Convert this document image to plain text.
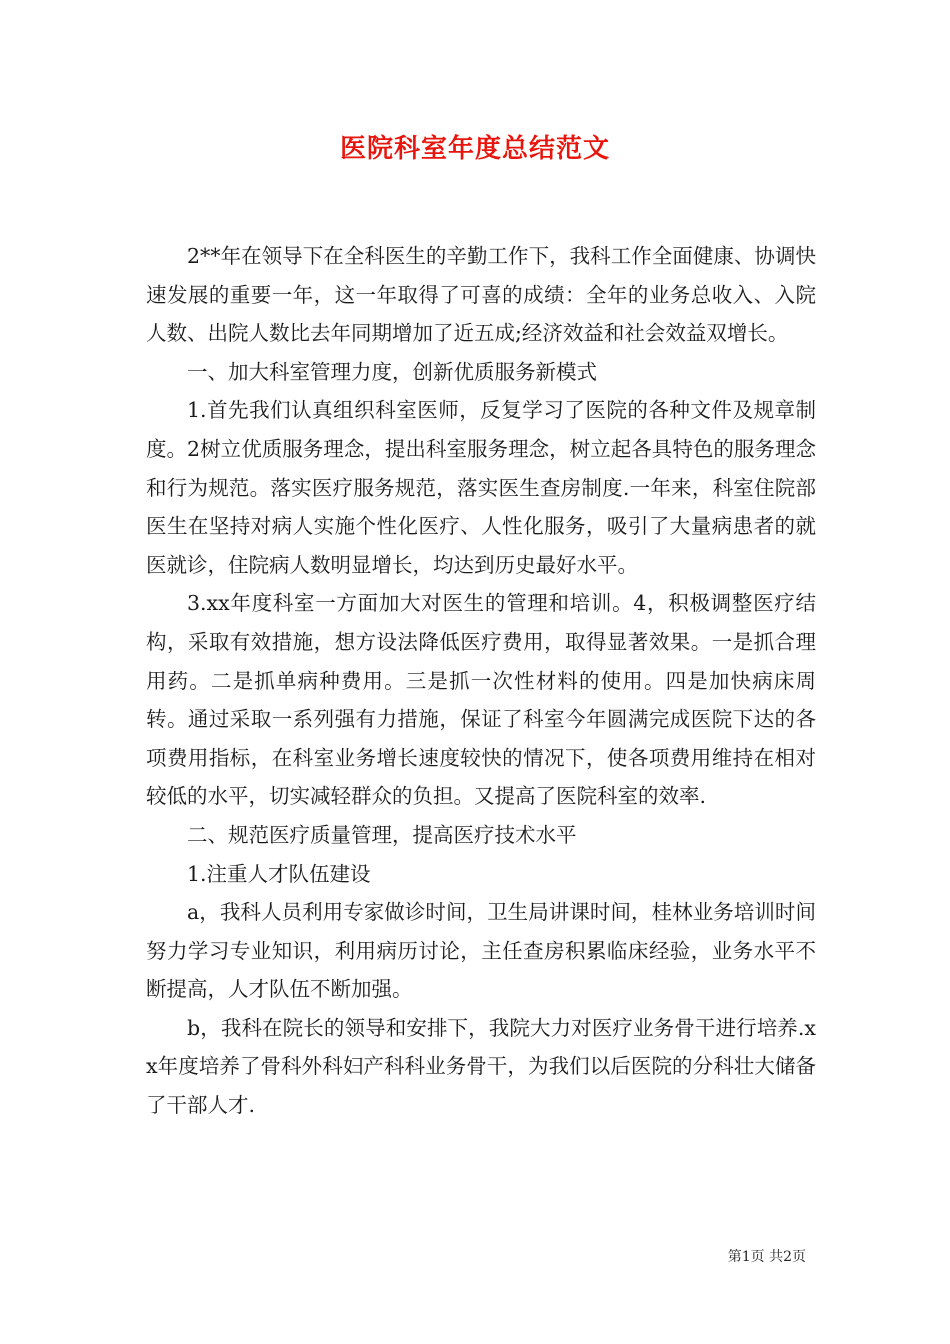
医院科室年度总结范文

2**年在领导下在全科医生的辛勤工作下，我科工作全面健康、协调快速发展的重要一年，这一年取得了可喜的成绩：全年的业务总收入、入院人数、出院人数比去年同期增加了近五成;经济效益和社会效益双增长。

一、加大科室管理力度，创新优质服务新模式

1.首先我们认真组织科室医师，反复学习了医院的各种文件及规章制度。2树立优质服务理念，提出科室服务理念，树立起各具特色的服务理念和行为规范。落实医疗服务规范，落实医生查房制度.一年来，科室住院部医生在坚持对病人实施个性化医疗、人性化服务，吸引了大量病患者的就医就诊，住院病人数明显增长，均达到历史最好水平。

3.xx年度科室一方面加大对医生的管理和培训。4，积极调整医疗结构，采取有效措施，想方设法降低医疗费用，取得显著效果。一是抓合理用药。二是抓单病种费用。三是抓一次性材料的使用。四是加快病床周转。通过采取一系列强有力措施，保证了科室今年圆满完成医院下达的各项费用指标，在科室业务增长速度较快的情况下，使各项费用维持在相对较低的水平，切实减轻群众的负担。又提高了医院科室的效率.

二、规范医疗质量管理，提高医疗技术水平

1.注重人才队伍建设

a，我科人员利用专家做诊时间，卫生局讲课时间，桂林业务培训时间努力学习专业知识，利用病历讨论，主任查房积累临床经验，业务水平不断提高，人才队伍不断加强。

b，我科在院长的领导和安排下，我院大力对医疗业务骨干进行培养.xx年度培养了骨科外科妇产科科业务骨干，为我们以后医院的分科壮大储备了干部人才.

第1页 共2页
